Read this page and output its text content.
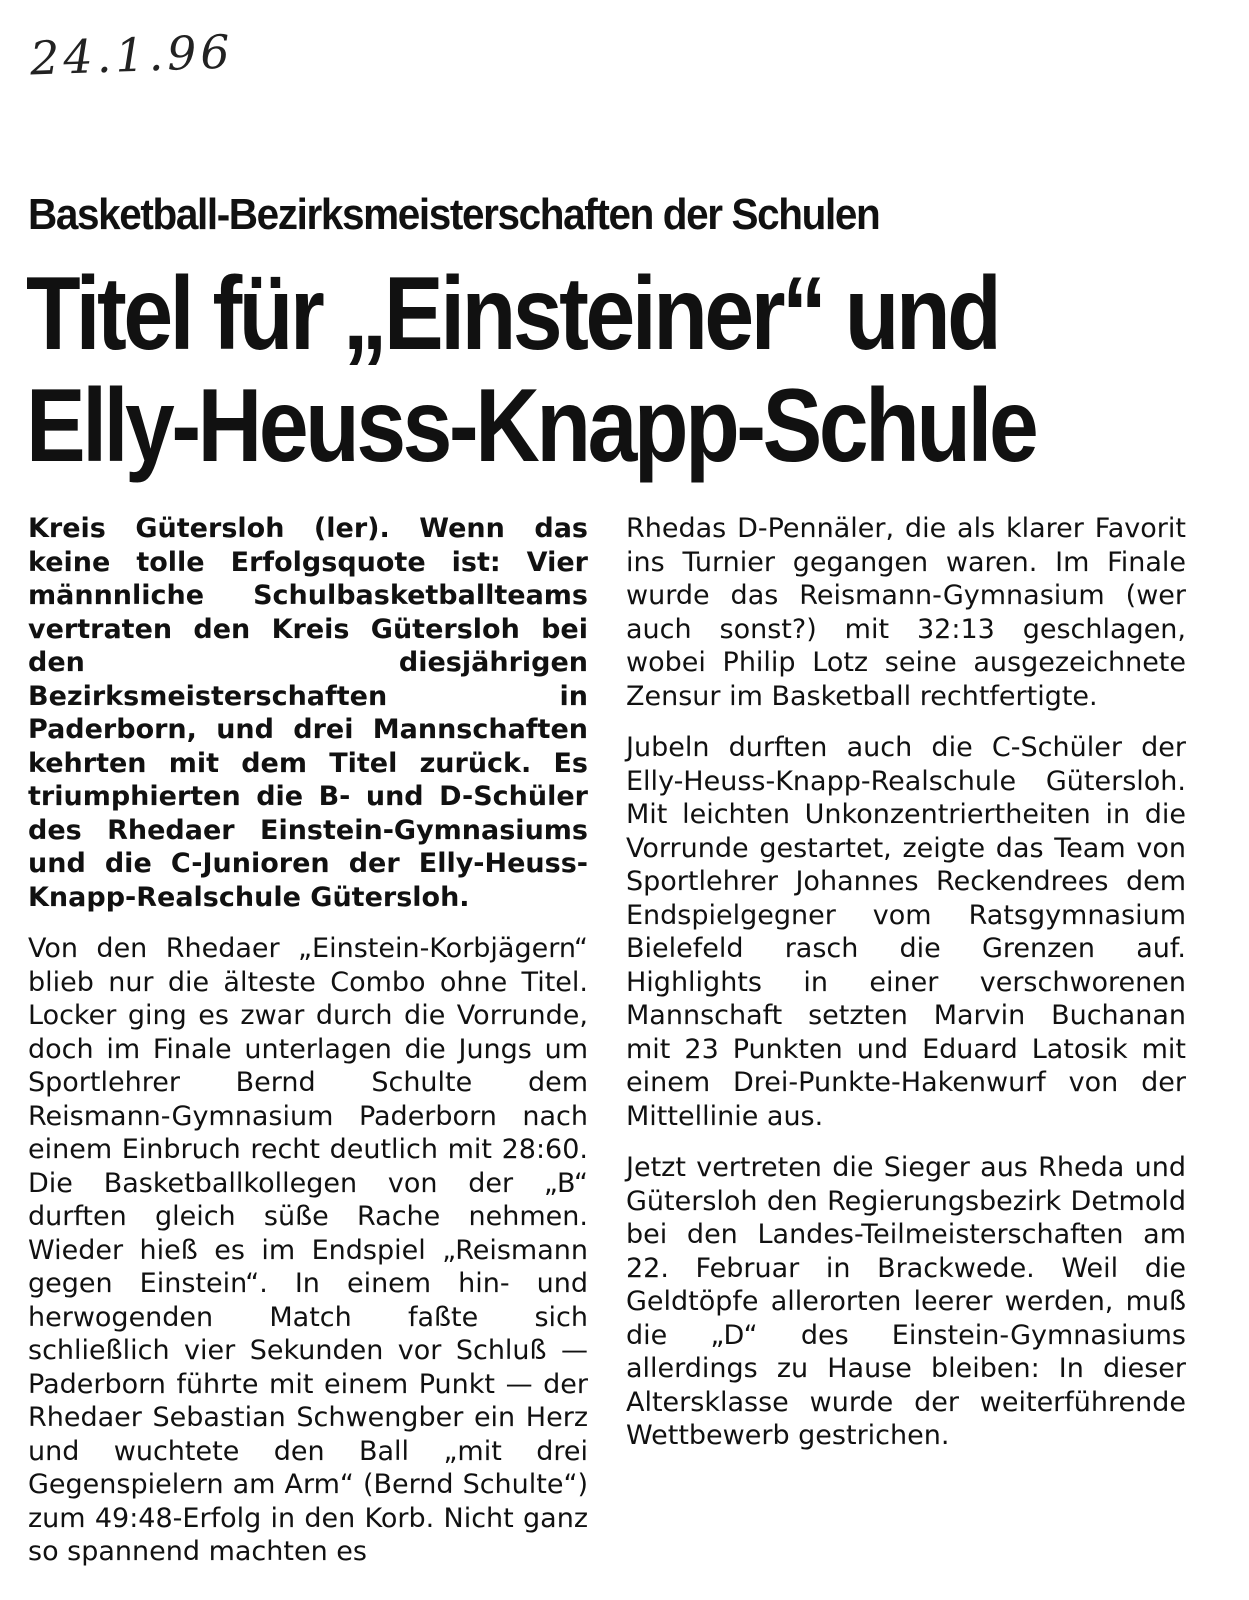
24.1.96
Basketball-Bezirksmeisterschaften der Schulen
Titel für „Einsteiner“ und
Elly-Heuss-Knapp-Schule

Kreis Gütersloh (ler). Wenn das keine tolle Erfolgsquote ist: Vier männnliche Schulbasketballteams vertraten den Kreis Gütersloh bei den diesjährigen Bezirksmeisterschaften in Paderborn, und drei Mannschaften kehrten mit dem Titel zurück. Es triumphierten die B- und D-Schüler des Rhedaer Einstein-Gymnasiums und die C-Junioren der Elly-Heuss-Knapp-Realschule Gütersloh.

Von den Rhedaer „Einstein-Korbjägern“ blieb nur die älteste Combo ohne Titel. Locker ging es zwar durch die Vorrunde, doch im Finale unterlagen die Jungs um Sportlehrer Bernd Schulte dem Reismann-Gymnasium Paderborn nach einem Einbruch recht deutlich mit 28:60. Die Basketballkollegen von der „B“ durften gleich süße Rache nehmen. Wieder hieß es im Endspiel „Reismann gegen Einstein“. In einem hin- und herwogenden Match faßte sich schließlich vier Sekunden vor Schluß — Paderborn führte mit einem Punkt — der Rhedaer Sebastian Schwengber ein Herz und wuchtete den Ball „mit drei Gegenspielern am Arm“ (Bernd Schulte“) zum 49:48-Erfolg in den Korb. Nicht ganz so spannend machten es

Rhedas D-Pennäler, die als klarer Favorit ins Turnier gegangen waren. Im Finale wurde das Reismann-Gymnasium (wer auch sonst?) mit 32:13 geschlagen, wobei Philip Lotz seine ausgezeichnete Zensur im Basketball rechtfertigte.

Jubeln durften auch die C-Schüler der Elly-Heuss-Knapp-Realschule Gütersloh. Mit leichten Unkonzentriertheiten in die Vorrunde gestartet, zeigte das Team von Sportlehrer Johannes Reckendrees dem Endspielgegner vom Ratsgymnasium Bielefeld rasch die Grenzen auf. Highlights in einer verschworenen Mannschaft setzten Marvin Buchanan mit 23 Punkten und Eduard Latosik mit einem Drei-Punkte-Hakenwurf von der Mittellinie aus.

Jetzt vertreten die Sieger aus Rheda und Gütersloh den Regierungsbezirk Detmold bei den Landes-Teilmeisterschaften am 22. Februar in Brackwede. Weil die Geldtöpfe allerorten leerer werden, muß die „D“ des Einstein-Gymnasiums allerdings zu Hause bleiben: In dieser Altersklasse wurde der weiterführende Wettbewerb gestrichen.
